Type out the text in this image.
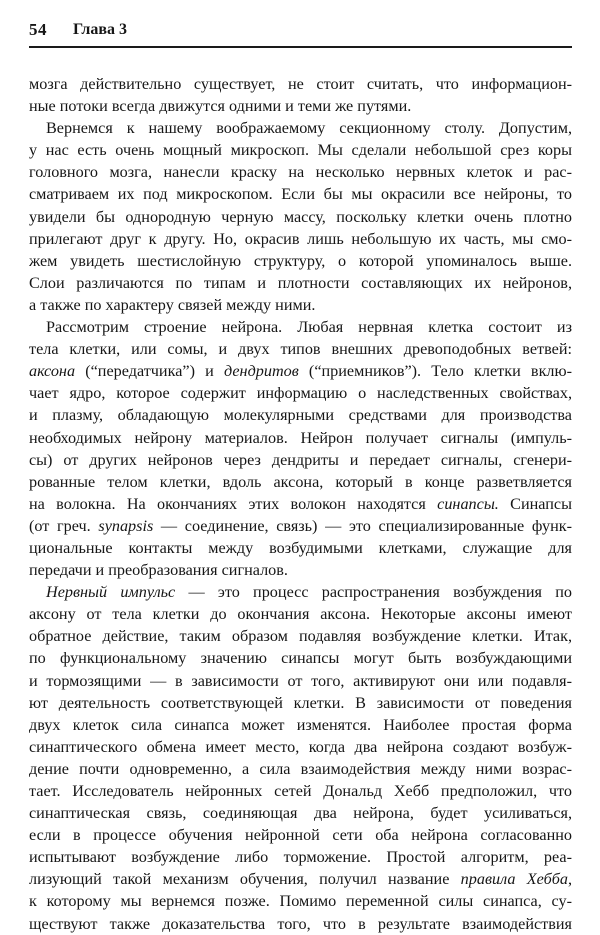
54 Глава 3
мозга действительно существует, не стоит считать, что информацион-
ные потоки всегда движутся одними и теми же путями.
Вернемся к нашему воображаемому секционному столу. Допустим,
у нас есть очень мощный микроскоп. Мы сделали небольшой срез коры
головного мозга, нанесли краску на несколько нервных клеток и рас-
сматриваем их под микроскопом. Если бы мы окрасили все нейроны, то
увидели бы однородную черную массу, поскольку клетки очень плотно
прилегают друг к другу. Но, окрасив лишь небольшую их часть, мы смо-
жем увидеть шестислойную структуру, о которой упоминалось выше.
Слои различаются по типам и плотности составляющих их нейронов,
а также по характеру связей между ними.
Рассмотрим строение нейрона. Любая нервная клетка состоит из
тела клетки, или сомы, и двух типов внешних древоподобных ветвей:
аксона (“передатчика”) и дендритов (“приемников”). Тело клетки вклю-
чает ядро, которое содержит информацию о наследственных свойствах,
и плазму, обладающую молекулярными средствами для производства
необходимых нейрону материалов. Нейрон получает сигналы (импуль-
сы) от других нейронов через дендриты и передает сигналы, сгенери-
рованные телом клетки, вдоль аксона, который в конце разветвляется
на волокна. На окончаниях этих волокон находятся синапсы. Синапсы
(от греч. synapsis — соединение, связь) — это специализированные функ-
циональные контакты между возбудимыми клетками, служащие для
передачи и преобразования сигналов.
Нервный импульс — это процесс распространения возбуждения по
аксону от тела клетки до окончания аксона. Некоторые аксоны имеют
обратное действие, таким образом подавляя возбуждение клетки. Итак,
по функциональному значению синапсы могут быть возбуждающими
и тормозящими — в зависимости от того, активируют они или подавля-
ют деятельность соответствующей клетки. В зависимости от поведения
двух клеток сила синапса может изменятся. Наиболее простая форма
синаптического обмена имеет место, когда два нейрона создают возбуж-
дение почти одновременно, а сила взаимодействия между ними возрас-
тает. Исследователь нейронных сетей Дональд Хебб предположил, что
синаптическая связь, соединяющая два нейрона, будет усиливаться,
если в процессе обучения нейронной сети оба нейрона согласованно
испытывают возбуждение либо торможение. Простой алгоритм, реа-
лизующий такой механизм обучения, получил название правила Хебба,
к которому мы вернемся позже. Помимо переменной силы синапса, су-
ществуют также доказательства того, что в результате взаимодействия
